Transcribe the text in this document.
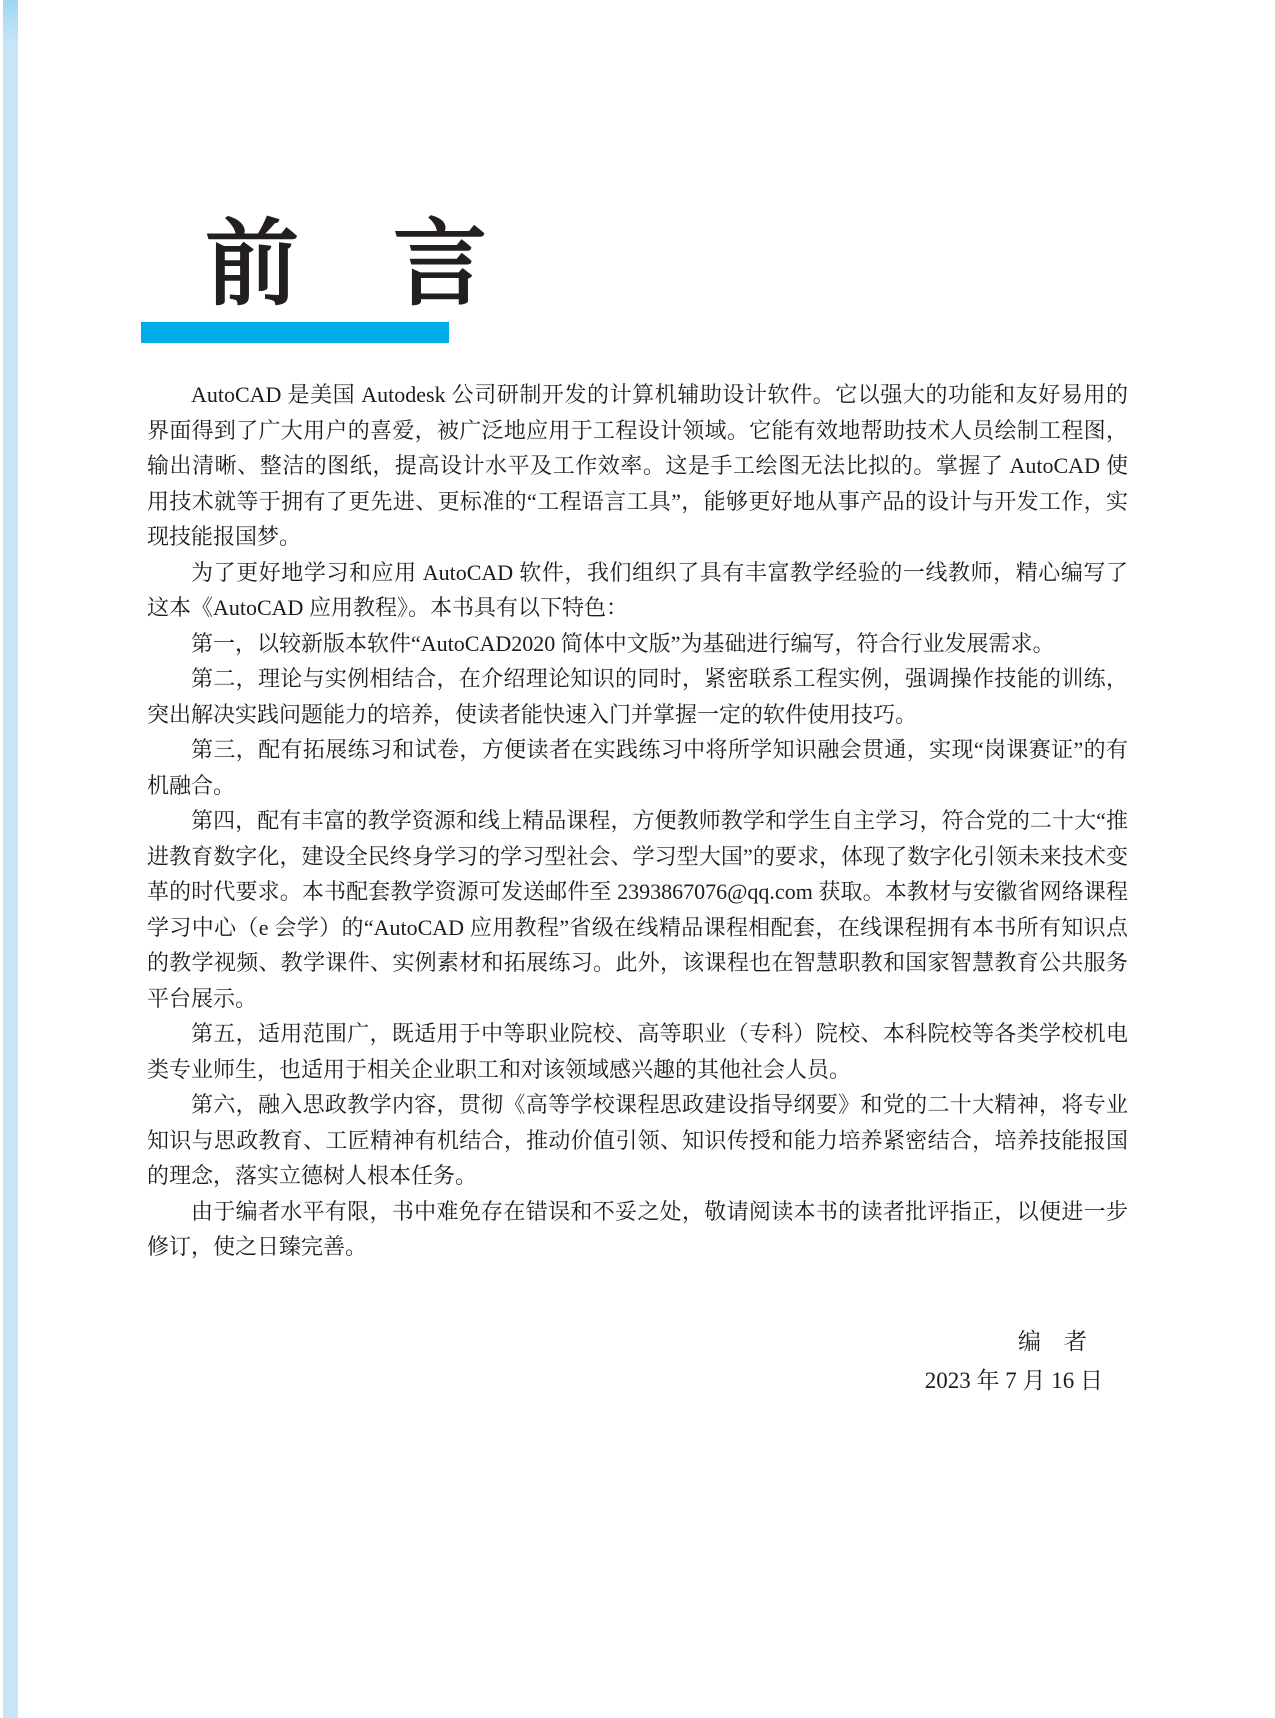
前　言

AutoCAD 是美国 Autodesk 公司研制开发的计算机辅助设计软件。它以强大的功能和友好易用的界面得到了广大用户的喜爱，被广泛地应用于工程设计领域。它能有效地帮助技术人员绘制工程图，输出清晰、整洁的图纸，提高设计水平及工作效率。这是手工绘图无法比拟的。掌握了 AutoCAD 使用技术就等于拥有了更先进、更标准的“工程语言工具”，能够更好地从事产品的设计与开发工作，实现技能报国梦。

为了更好地学习和应用 AutoCAD 软件，我们组织了具有丰富教学经验的一线教师，精心编写了这本《AutoCAD 应用教程》。本书具有以下特色：

第一，以较新版本软件“AutoCAD2020 简体中文版”为基础进行编写，符合行业发展需求。

第二，理论与实例相结合，在介绍理论知识的同时，紧密联系工程实例，强调操作技能的训练，突出解决实践问题能力的培养，使读者能快速入门并掌握一定的软件使用技巧。

第三，配有拓展练习和试卷，方便读者在实践练习中将所学知识融会贯通，实现“岗课赛证”的有机融合。

第四，配有丰富的教学资源和线上精品课程，方便教师教学和学生自主学习，符合党的二十大“推进教育数字化，建设全民终身学习的学习型社会、学习型大国”的要求，体现了数字化引领未来技术变革的时代要求。本书配套教学资源可发送邮件至 2393867076@qq.com 获取。本教材与安徽省网络课程学习中心（e 会学）的“AutoCAD 应用教程”省级在线精品课程相配套，在线课程拥有本书所有知识点的教学视频、教学课件、实例素材和拓展练习。此外，该课程也在智慧职教和国家智慧教育公共服务平台展示。

第五，适用范围广，既适用于中等职业院校、高等职业（专科）院校、本科院校等各类学校机电类专业师生，也适用于相关企业职工和对该领域感兴趣的其他社会人员。

第六，融入思政教学内容，贯彻《高等学校课程思政建设指导纲要》和党的二十大精神，将专业知识与思政教育、工匠精神有机结合，推动价值引领、知识传授和能力培养紧密结合，培养技能报国的理念，落实立德树人根本任务。

由于编者水平有限，书中难免存在错误和不妥之处，敬请阅读本书的读者批评指正，以便进一步修订，使之日臻完善。

编　者
2023 年 7 月 16 日
